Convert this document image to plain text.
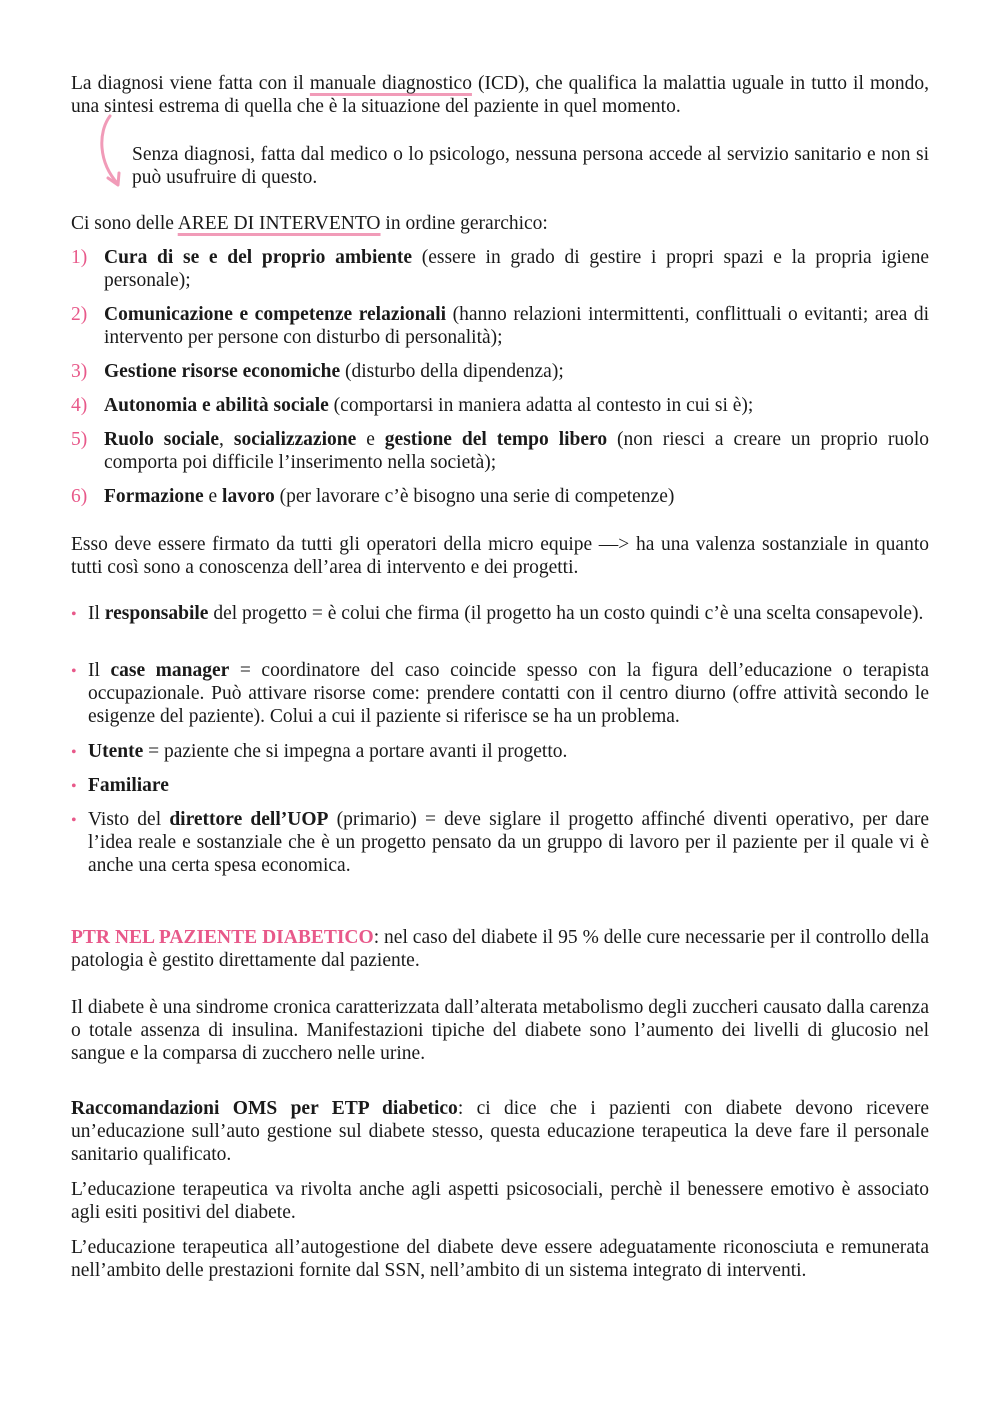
La diagnosi viene fatta con il manuale diagnostico (ICD), che qualifica la malattia uguale in tutto il mondo, una sintesi estrema di quella che è la situazione del paziente in quel momento.

Senza diagnosi, fatta dal medico o lo psicologo, nessuna persona accede al servizio sanitario e non si può usufruire di questo.

Ci sono delle AREE DI INTERVENTO in ordine gerarchico:

1) Cura di se e del proprio ambiente (essere in grado di gestire i propri spazi e la propria igiene personale);

2) Comunicazione e competenze relazionali (hanno relazioni intermittenti, conflittuali o evitanti; area di intervento per persone con disturbo di personalità);

3) Gestione risorse economiche (disturbo della dipendenza);

4) Autonomia e abilità sociale (comportarsi in maniera adatta al contesto in cui si è);

5) Ruolo sociale, socializzazione e gestione del tempo libero (non riesci a creare un proprio ruolo comporta poi difficile l’inserimento nella società);

6) Formazione e lavoro (per lavorare c’è bisogno una serie di competenze)

Esso deve essere firmato da tutti gli operatori della micro equipe —> ha una valenza sostanziale in quanto tutti così sono a conoscenza dell’area di intervento e dei progetti.

• Il responsabile del progetto = è colui che firma (il progetto ha un costo quindi c’è una scelta consapevole).

• Il case manager = coordinatore del caso coincide spesso con la figura dell’educazione o terapista occupazionale. Può attivare risorse come: prendere contatti con il centro diurno (offre attività secondo le esigenze del paziente). Colui a cui il paziente si riferisce se ha un problema.

• Utente = paziente che si impegna a portare avanti il progetto.

• Familiare

• Visto del direttore dell’UOP (primario) = deve siglare il progetto affinché diventi operativo, per dare l’idea reale e sostanziale che è un progetto pensato da un gruppo di lavoro per il paziente per il quale vi è anche una certa spesa economica.

PTR NEL PAZIENTE DIABETICO: nel caso del diabete il 95 % delle cure necessarie per il controllo della patologia è gestito direttamente dal paziente.

Il diabete è una sindrome cronica caratterizzata dall’alterata metabolismo degli zuccheri causato dalla carenza o totale assenza di insulina. Manifestazioni tipiche del diabete sono l’aumento dei livelli di glucosio nel sangue e la comparsa di zucchero nelle urine.

Raccomandazioni OMS per ETP diabetico: ci dice che i pazienti con diabete devono ricevere un’educazione sull’auto gestione sul diabete stesso, questa educazione terapeutica la deve fare il personale sanitario qualificato.

L’educazione terapeutica va rivolta anche agli aspetti psicosociali, perchè il benessere emotivo è associato agli esiti positivi del diabete.

L’educazione terapeutica all’autogestione del diabete deve essere adeguatamente riconosciuta e remunerata nell’ambito delle prestazioni fornite dal SSN, nell’ambito di un sistema integrato di interventi.
